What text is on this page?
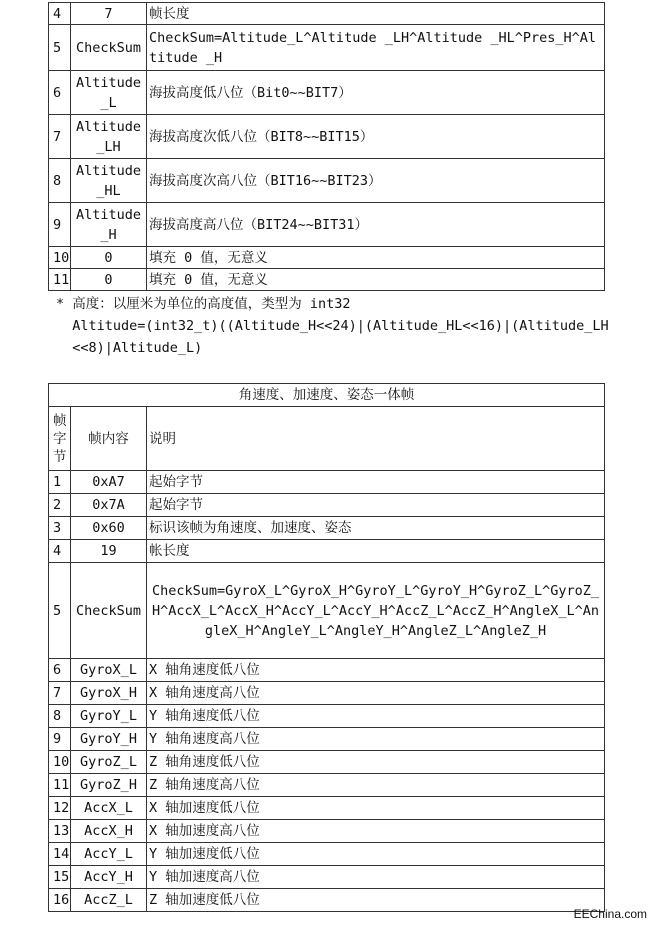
4	7	帧长度
5	CheckSum	CheckSum=Altitude_L^Altitude _LH^Altitude _HL^Pres_H^Altitude _H
6	Altitude _L	海拔高度低八位（Bit0~~BIT7）
7	Altitude _LH	海拔高度次低八位（BIT8~~BIT15）
8	Altitude _HL	海拔高度次高八位（BIT16~~BIT23）
9	Altitude _H	海拔高度高八位（BIT24~~BIT31）
10	0	填充 0 值，无意义
11	0	填充 0 值，无意义
* 高度：以厘米为单位的高度值，类型为 int32
Altitude=(int32_t)((Altitude_H<<24)|(Altitude_HL<<16)|(Altitude_LH
<<8)|Altitude_L)
角速度、加速度、姿态一体帧		
帧字节	帧内容	说明
1	0xA7	起始字节
2	0x7A	起始字节
3	0x60	标识该帧为角速度、加速度、姿态
4	19	帐长度
5	CheckSum	CheckSum=GyroX_L^GyroX_H^GyroY_L^GyroY_H^GyroZ_L^GyroZ_H^AccX_L^AccX_H^AccY_L^AccY_H^AccZ_L^AccZ_H^AngleX_L^AngleX_H^AngleY_L^AngleY_H^AngleZ_L^AngleZ_H
6	GyroX_L	X 轴角速度低八位
7	GyroX_H	X 轴角速度高八位
8	GyroY_L	Y 轴角速度低八位
9	GyroY_H	Y 轴角速度高八位
10	GyroZ_L	Z 轴角速度低八位
11	GyroZ_H	Z 轴角速度高八位
12	AccX_L	X 轴加速度低八位
13	AccX_H	X 轴加速度高八位
14	AccY_L	Y 轴加速度低八位
15	AccY_H	Y 轴加速度高八位
16	AccZ_L	Z 轴加速度低八位
EEChina.com
